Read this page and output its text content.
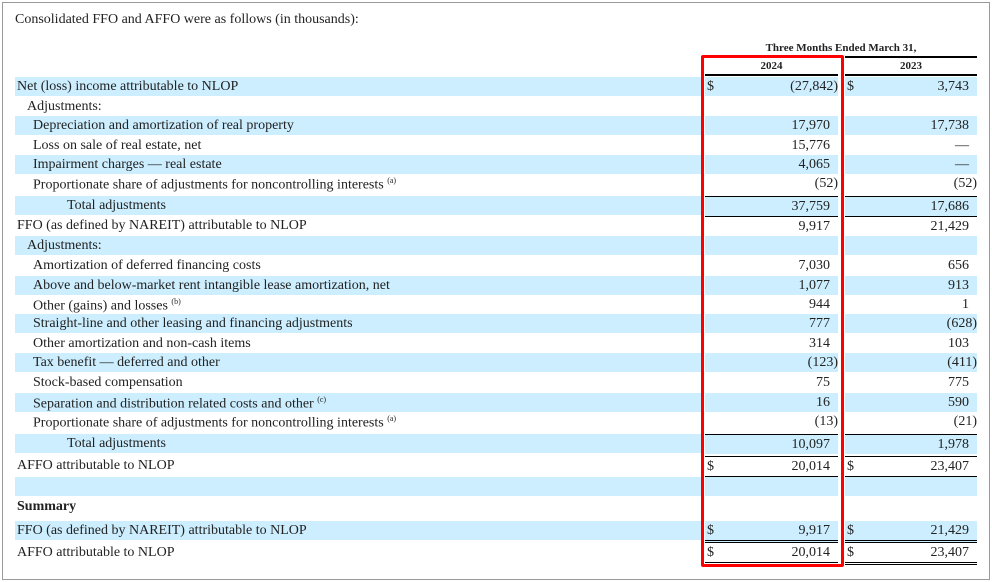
Consolidated FFO and AFFO were as follows (in thousands):
Three Months Ended March 31,
2024	2023
Net (loss) income attributable to NLOP	$	(27,842) $	3,743
Adjustments:
Depreciation and amortization of real property	17,970	17,738
Loss on sale of real estate, net	15,776	—
Impairment charges — real estate	4,065	—
Proportionate share of adjustments for noncontrolling interests $^{(a)}$	(52)	(52)
Total adjustments	37,759	17,686
FFO (as defined by NAREIT) attributable to NLOP	9,917	21,429
Adjustments:
Amortization of deferred financing costs	7,030	656
Above and below-market rent intangible lease amortization, net	1,077	913
Other (gains) and losses $^{(b)}$	944	1
Straight-line and other leasing and financing adjustments	777	(628)
Other amortization and non-cash items	314	103
Tax benefit — deferred and other	(123)	(411)
Stock-based compensation	75	775
Separation and distribution related costs and other $^{(c)}$	16	590
Proportionate share of adjustments for noncontrolling interests $^{(a)}$	(13)	(21)
Total adjustments	10,097	1,978
AFFO attributable to NLOP	$	20,014 $	23,407
Summary
FFO (as defined by NAREIT) attributable to NLOP	$	9,917 $	21,429
AFFO attributable to NLOP	$	20,014 $	23,407
